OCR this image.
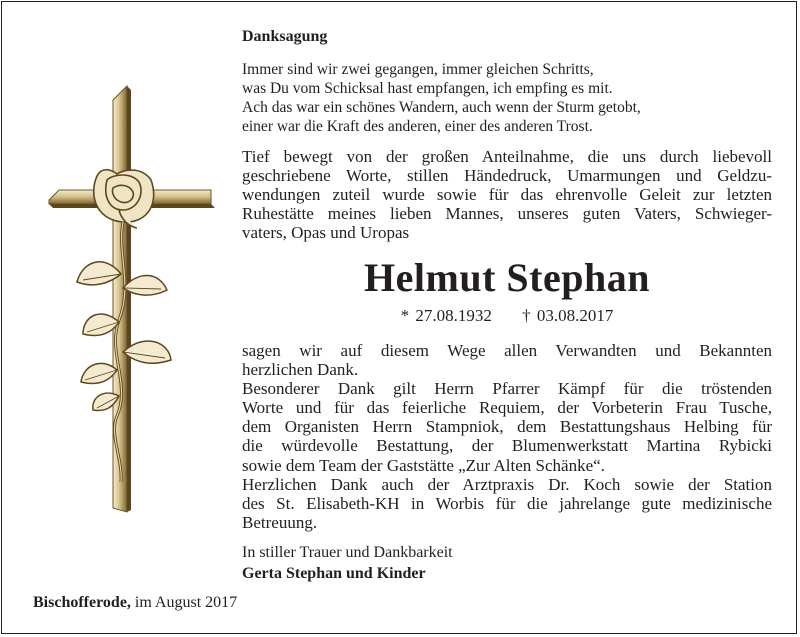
Danksagung
Immer sind wir zwei gegangen, immer gleichen Schritts,
was Du vom Schicksal hast empfangen, ich empfing es mit.
Ach das war ein schönes Wandern, auch wenn der Sturm getobt,
einer war die Kraft des anderen, einer des anderen Trost.
Tief bewegt von der großen Anteilnahme, die uns durch liebevoll
geschriebene Worte, stillen Händedruck, Umarmungen und Geldzu-
wendungen zuteil wurde sowie für das ehrenvolle Geleit zur letzten
Ruhestätte meines lieben Mannes, unseres guten Vaters, Schwieger-
vaters, Opas und Uropas
Helmut Stephan
* 27.08.1932 † 03.08.2017
sagen wir auf diesem Wege allen Verwandten und Bekannten
herzlichen Dank.
Besonderer Dank gilt Herrn Pfarrer Kämpf für die tröstenden
Worte und für das feierliche Requiem, der Vorbeterin Frau Tusche,
dem Organisten Herrn Stampniok, dem Bestattungshaus Helbing für
die würdevolle Bestattung, der Blumenwerkstatt Martina Rybicki
sowie dem Team der Gaststätte „Zur Alten Schänke“.
Herzlichen Dank auch der Arztpraxis Dr. Koch sowie der Station
des St. Elisabeth-KH in Worbis für die jahrelange gute medizinische
Betreuung.
In stiller Trauer und Dankbarkeit
Gerta Stephan und Kinder
Bischofferode, im August 2017
